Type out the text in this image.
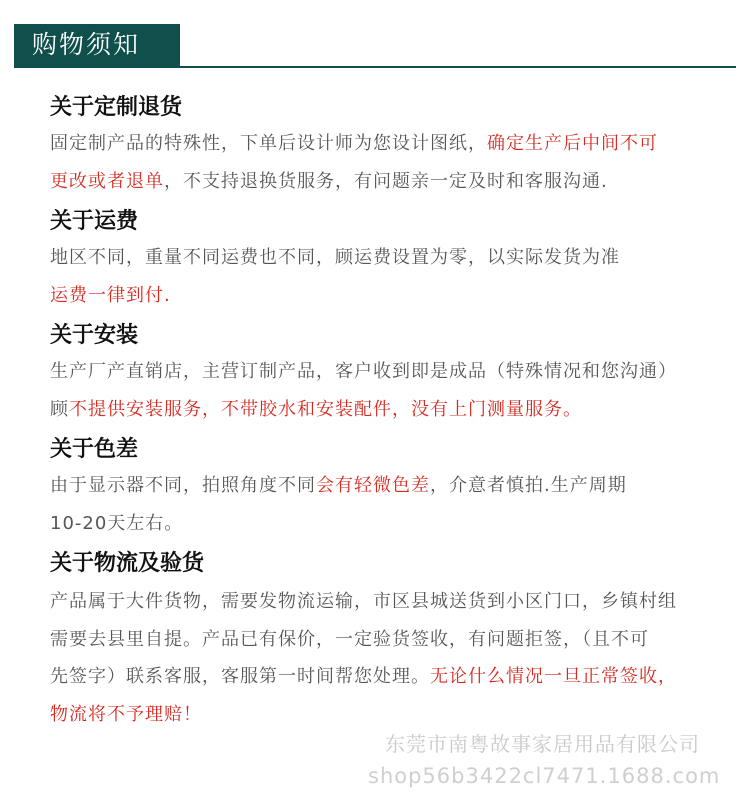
购物须知
关于定制退货
固定制产品的特殊性，下单后设计师为您设计图纸，确定生产后中间不可
更改或者退单，不支持退换货服务，有问题亲一定及时和客服沟通.
关于运费
地区不同，重量不同运费也不同，顾运费设置为零，以实际发货为准
运费一律到付.
关于安装
生产厂产直销店，主营订制产品，客户收到即是成品（特殊情况和您沟通）
顾不提供安装服务，不带胶水和安装配件，没有上门测量服务。
关于色差
由于显示器不同，拍照角度不同会有轻微色差，介意者慎拍.生产周期
10-20天左右。
关于物流及验货
产品属于大件货物，需要发物流运输，市区县城送货到小区门口，乡镇村组
需要去县里自提。产品已有保价，一定验货签收，有问题拒签，（且不可
先签字）联系客服，客服第一时间帮您处理。无论什么情况一旦正常签收，
物流将不予理赔！
东莞市南粤故事家居用品有限公司
shop56b3422cl7471.1688.com
